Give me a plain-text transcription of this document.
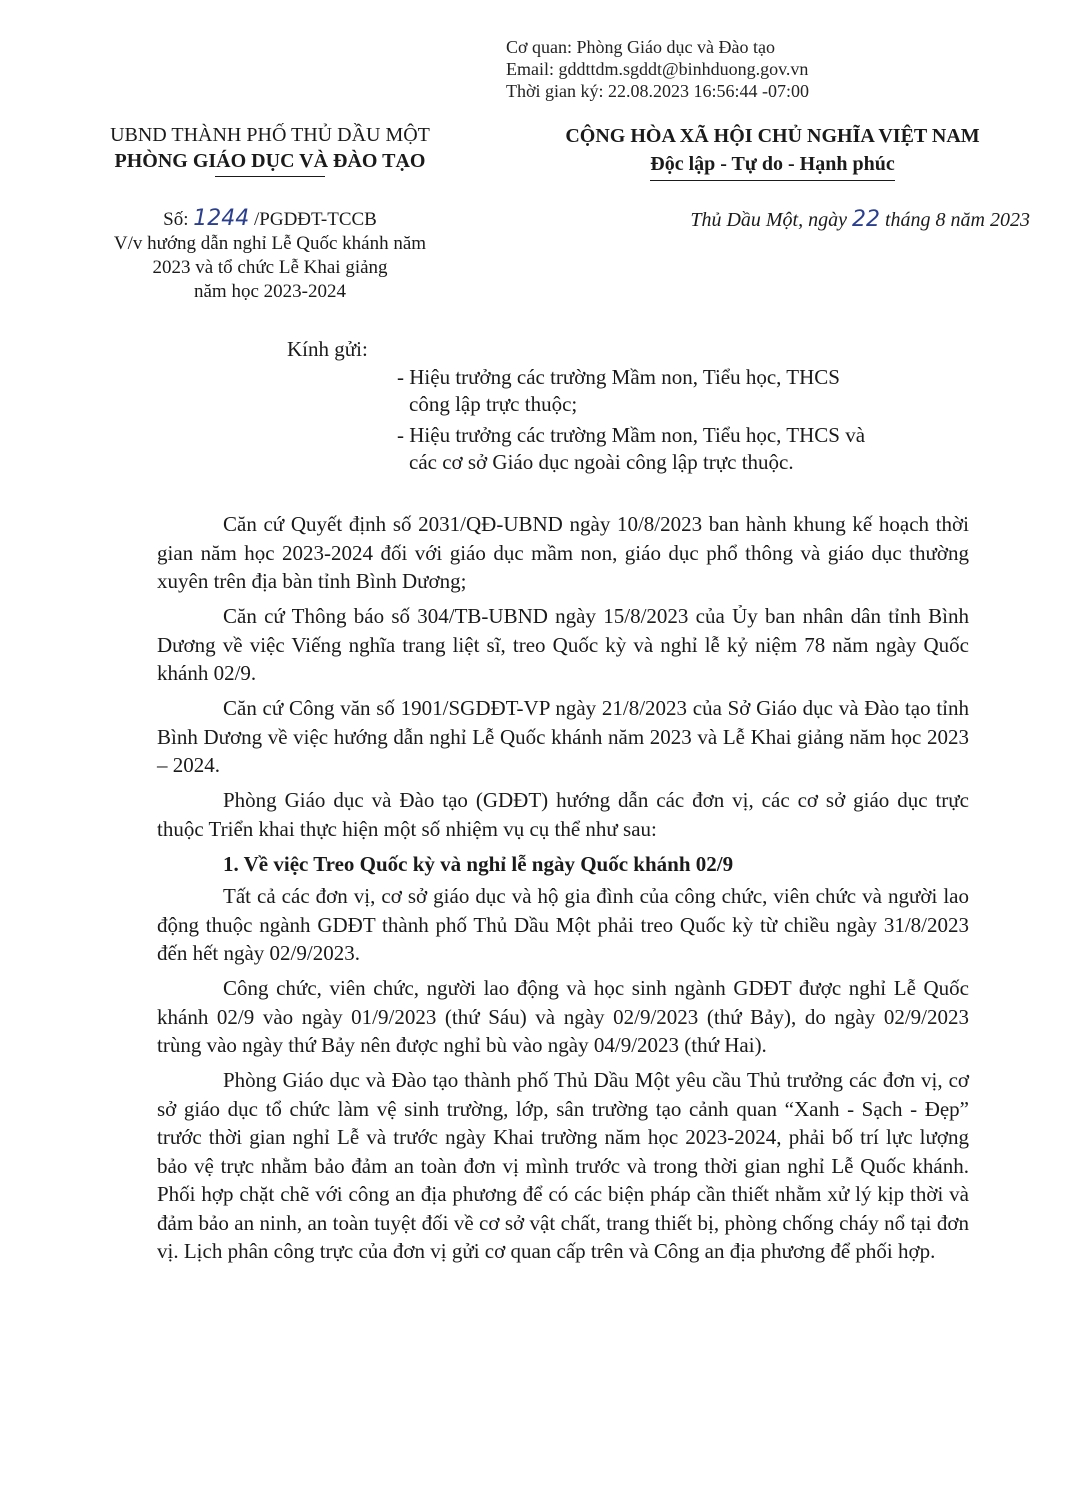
Cơ quan: Phòng Giáo dục và Đào tạo
Email: gddttdm.sgddt@binhduong.gov.vn
Thời gian ký: 22.08.2023 16:56:44 -07:00
UBND THÀNH PHỐ THỦ DẦU MỘT
PHÒNG GIÁO DỤC VÀ ĐÀO TẠO
CỘNG HÒA XÃ HỘI CHỦ NGHĨA VIỆT NAM
Độc lập - Tự do - Hạnh phúc
Số: 1244 /PGDĐT-TCCB
V/v hướng dẫn nghỉ Lễ Quốc khánh năm
2023 và tổ chức Lễ Khai giảng
năm học 2023-2024
Thủ Dầu Một, ngày 22 tháng 8 năm 2023
Kính gửi:
- Hiệu trưởng các trường Mầm non, Tiểu học, THCS
công lập trực thuộc;
- Hiệu trưởng các trường Mầm non, Tiểu học, THCS và
các cơ sở Giáo dục ngoài công lập trực thuộc.

Căn cứ Quyết định số 2031/QĐ-UBND ngày 10/8/2023 ban hành khung kế hoạch thời gian năm học 2023-2024 đối với giáo dục mầm non, giáo dục phổ thông và giáo dục thường xuyên trên địa bàn tỉnh Bình Dương;

Căn cứ Thông báo số 304/TB-UBND ngày 15/8/2023 của Ủy ban nhân dân tỉnh Bình Dương về việc Viếng nghĩa trang liệt sĩ, treo Quốc kỳ và nghỉ lễ kỷ niệm 78 năm ngày Quốc khánh 02/9.

Căn cứ Công văn số 1901/SGDĐT-VP ngày 21/8/2023 của Sở Giáo dục và Đào tạo tỉnh Bình Dương về việc hướng dẫn nghỉ Lễ Quốc khánh năm 2023 và Lễ Khai giảng năm học 2023 – 2024.

Phòng Giáo dục và Đào tạo (GDĐT) hướng dẫn các đơn vị, các cơ sở giáo dục trực thuộc Triển khai thực hiện một số nhiệm vụ cụ thể như sau:

1. Về việc Treo Quốc kỳ và nghỉ lễ ngày Quốc khánh 02/9

Tất cả các đơn vị, cơ sở giáo dục và hộ gia đình của công chức, viên chức và người lao động thuộc ngành GDĐT thành phố Thủ Dầu Một phải treo Quốc kỳ từ chiều ngày 31/8/2023 đến hết ngày 02/9/2023.

Công chức, viên chức, người lao động và học sinh ngành GDĐT được nghỉ Lễ Quốc khánh 02/9 vào ngày 01/9/2023 (thứ Sáu) và ngày 02/9/2023 (thứ Bảy), do ngày 02/9/2023 trùng vào ngày thứ Bảy nên được nghỉ bù vào ngày 04/9/2023 (thứ Hai).

Phòng Giáo dục và Đào tạo thành phố Thủ Dầu Một yêu cầu Thủ trưởng các đơn vị, cơ sở giáo dục tổ chức làm vệ sinh trường, lớp, sân trường tạo cảnh quan “Xanh - Sạch - Đẹp” trước thời gian nghỉ Lễ và trước ngày Khai trường năm học 2023-2024, phải bố trí lực lượng bảo vệ trực nhằm bảo đảm an toàn đơn vị mình trước và trong thời gian nghỉ Lễ Quốc khánh. Phối hợp chặt chẽ với công an địa phương để có các biện pháp cần thiết nhằm xử lý kịp thời và đảm bảo an ninh, an toàn tuyệt đối về cơ sở vật chất, trang thiết bị, phòng chống cháy nổ tại đơn vị. Lịch phân công trực của đơn vị gửi cơ quan cấp trên và Công an địa phương để phối hợp.
